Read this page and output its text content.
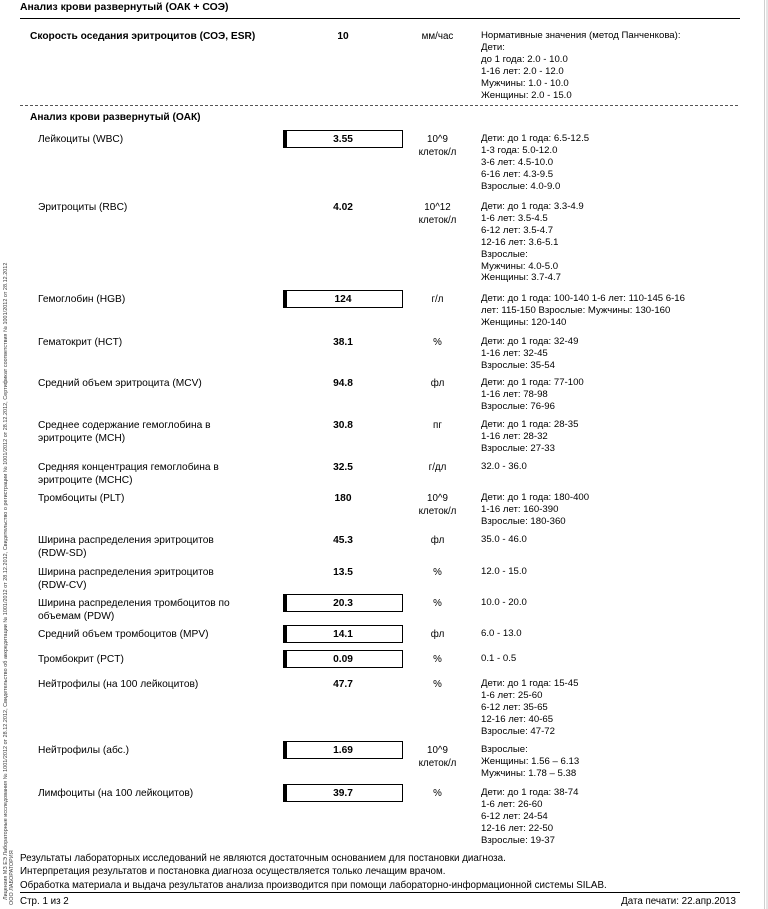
Лицензия МЗ ЕЭ Лабораторные исследования № 1001/2012 от 28.12.2012, Свидетельство об аккредитации № 1001/2012 от 28.12.2012, Свидетельство о регистрации № 1001/2012 от 28.12.2012, Сертификат соответствия № 1001/2012 от 28.12.2012 ООО ЛАБОРАТОРИЯ
Анализ крови развернутый (ОАК + СОЭ)
Скорость оседания эритроцитов (СОЭ, ESR)	10	мм/час	Нормативные значения (метод Панченкова):
Дети:
до 1 года: 2.0 - 10.0
1-16 лет: 2.0 - 12.0
Мужчины: 1.0 - 10.0
Женщины: 2.0 - 15.0
Анализ крови развернутый (ОАК)
Лейкоциты (WBC)	3.55	10^9
клеток/л
Дети: до 1 года: 6.5-12.5
1-3 года: 5.0-12.0
3-6 лет: 4.5-10.0
6-16 лет: 4.3-9.5
Взрослые: 4.0-9.0
Эритроциты (RBC)	4.02	10^12
клеток/л
Дети: до 1 года: 3.3-4.9
1-6 лет: 3.5-4.5
6-12 лет: 3.5-4.7
12-16 лет: 3.6-5.1
Взрослые:
Мужчины: 4.0-5.0
Женщины: 3.7-4.7
Гемоглобин (HGB)	124	г/л	Дети: до 1 года: 100-140 1-6 лет: 110-145 6-16
лет: 115-150 Взрослые: Мужчины: 130-160
Женщины: 120-140
Гематокрит (HCT)	38.1	%	Дети: до 1 года: 32-49
1-16 лет: 32-45
Взрослые: 35-54
Средний объем эритроцита (MCV)	94.8	фл	Дети: до 1 года: 77-100
1-16 лет: 78-98
Взрослые: 76-96
Среднее содержание гемоглобина в
эритроците (MCH)
30.8	пг	Дети: до 1 года: 28-35
1-16 лет: 28-32
Взрослые: 27-33
Средняя концентрация гемоглобина в
эритроците (MCHC)
32.5	г/дл	32.0 - 36.0
Тромбоциты (PLT)	180	10^9
клеток/л
Дети: до 1 года: 180-400
1-16 лет: 160-390
Взрослые: 180-360
Ширина распределения эритроцитов
(RDW-SD)
45.3	фл	35.0 - 46.0
Ширина распределения эритроцитов
(RDW-CV)
13.5	%	12.0 - 15.0
Ширина распределения тромбоцитов по
объемам (PDW)
20.3	%	10.0 - 20.0
Средний объем тромбоцитов (MPV)	14.1	фл	6.0 - 13.0
Тромбокрит (PCT)	0.09	%	0.1 - 0.5
Нейтрофилы (на 100 лейкоцитов)	47.7	%	Дети: до 1 года: 15-45
1-6 лет: 25-60
6-12 лет: 35-65
12-16 лет: 40-65
Взрослые: 47-72
Нейтрофилы (абс.)	1.69	10^9
клеток/л
Взрослые:
Женщины: 1.56 – 6.13
Мужчины: 1.78 – 5.38
Лимфоциты (на 100 лейкоцитов)	39.7	%	Дети: до 1 года: 38-74
1-6 лет: 26-60
6-12 лет: 24-54
12-16 лет: 22-50
Взрослые: 19-37
Результаты лабораторных исследований не являются достаточным основанием для постановки диагноза.
Интерпретация результатов и постановка диагноза осуществляется только лечащим врачом.
Обработка материала и выдача результатов анализа производится при помощи лабораторно-информационной системы SILAB.
Стр. 1 из 2	Дата печати: 22.апр.2013
